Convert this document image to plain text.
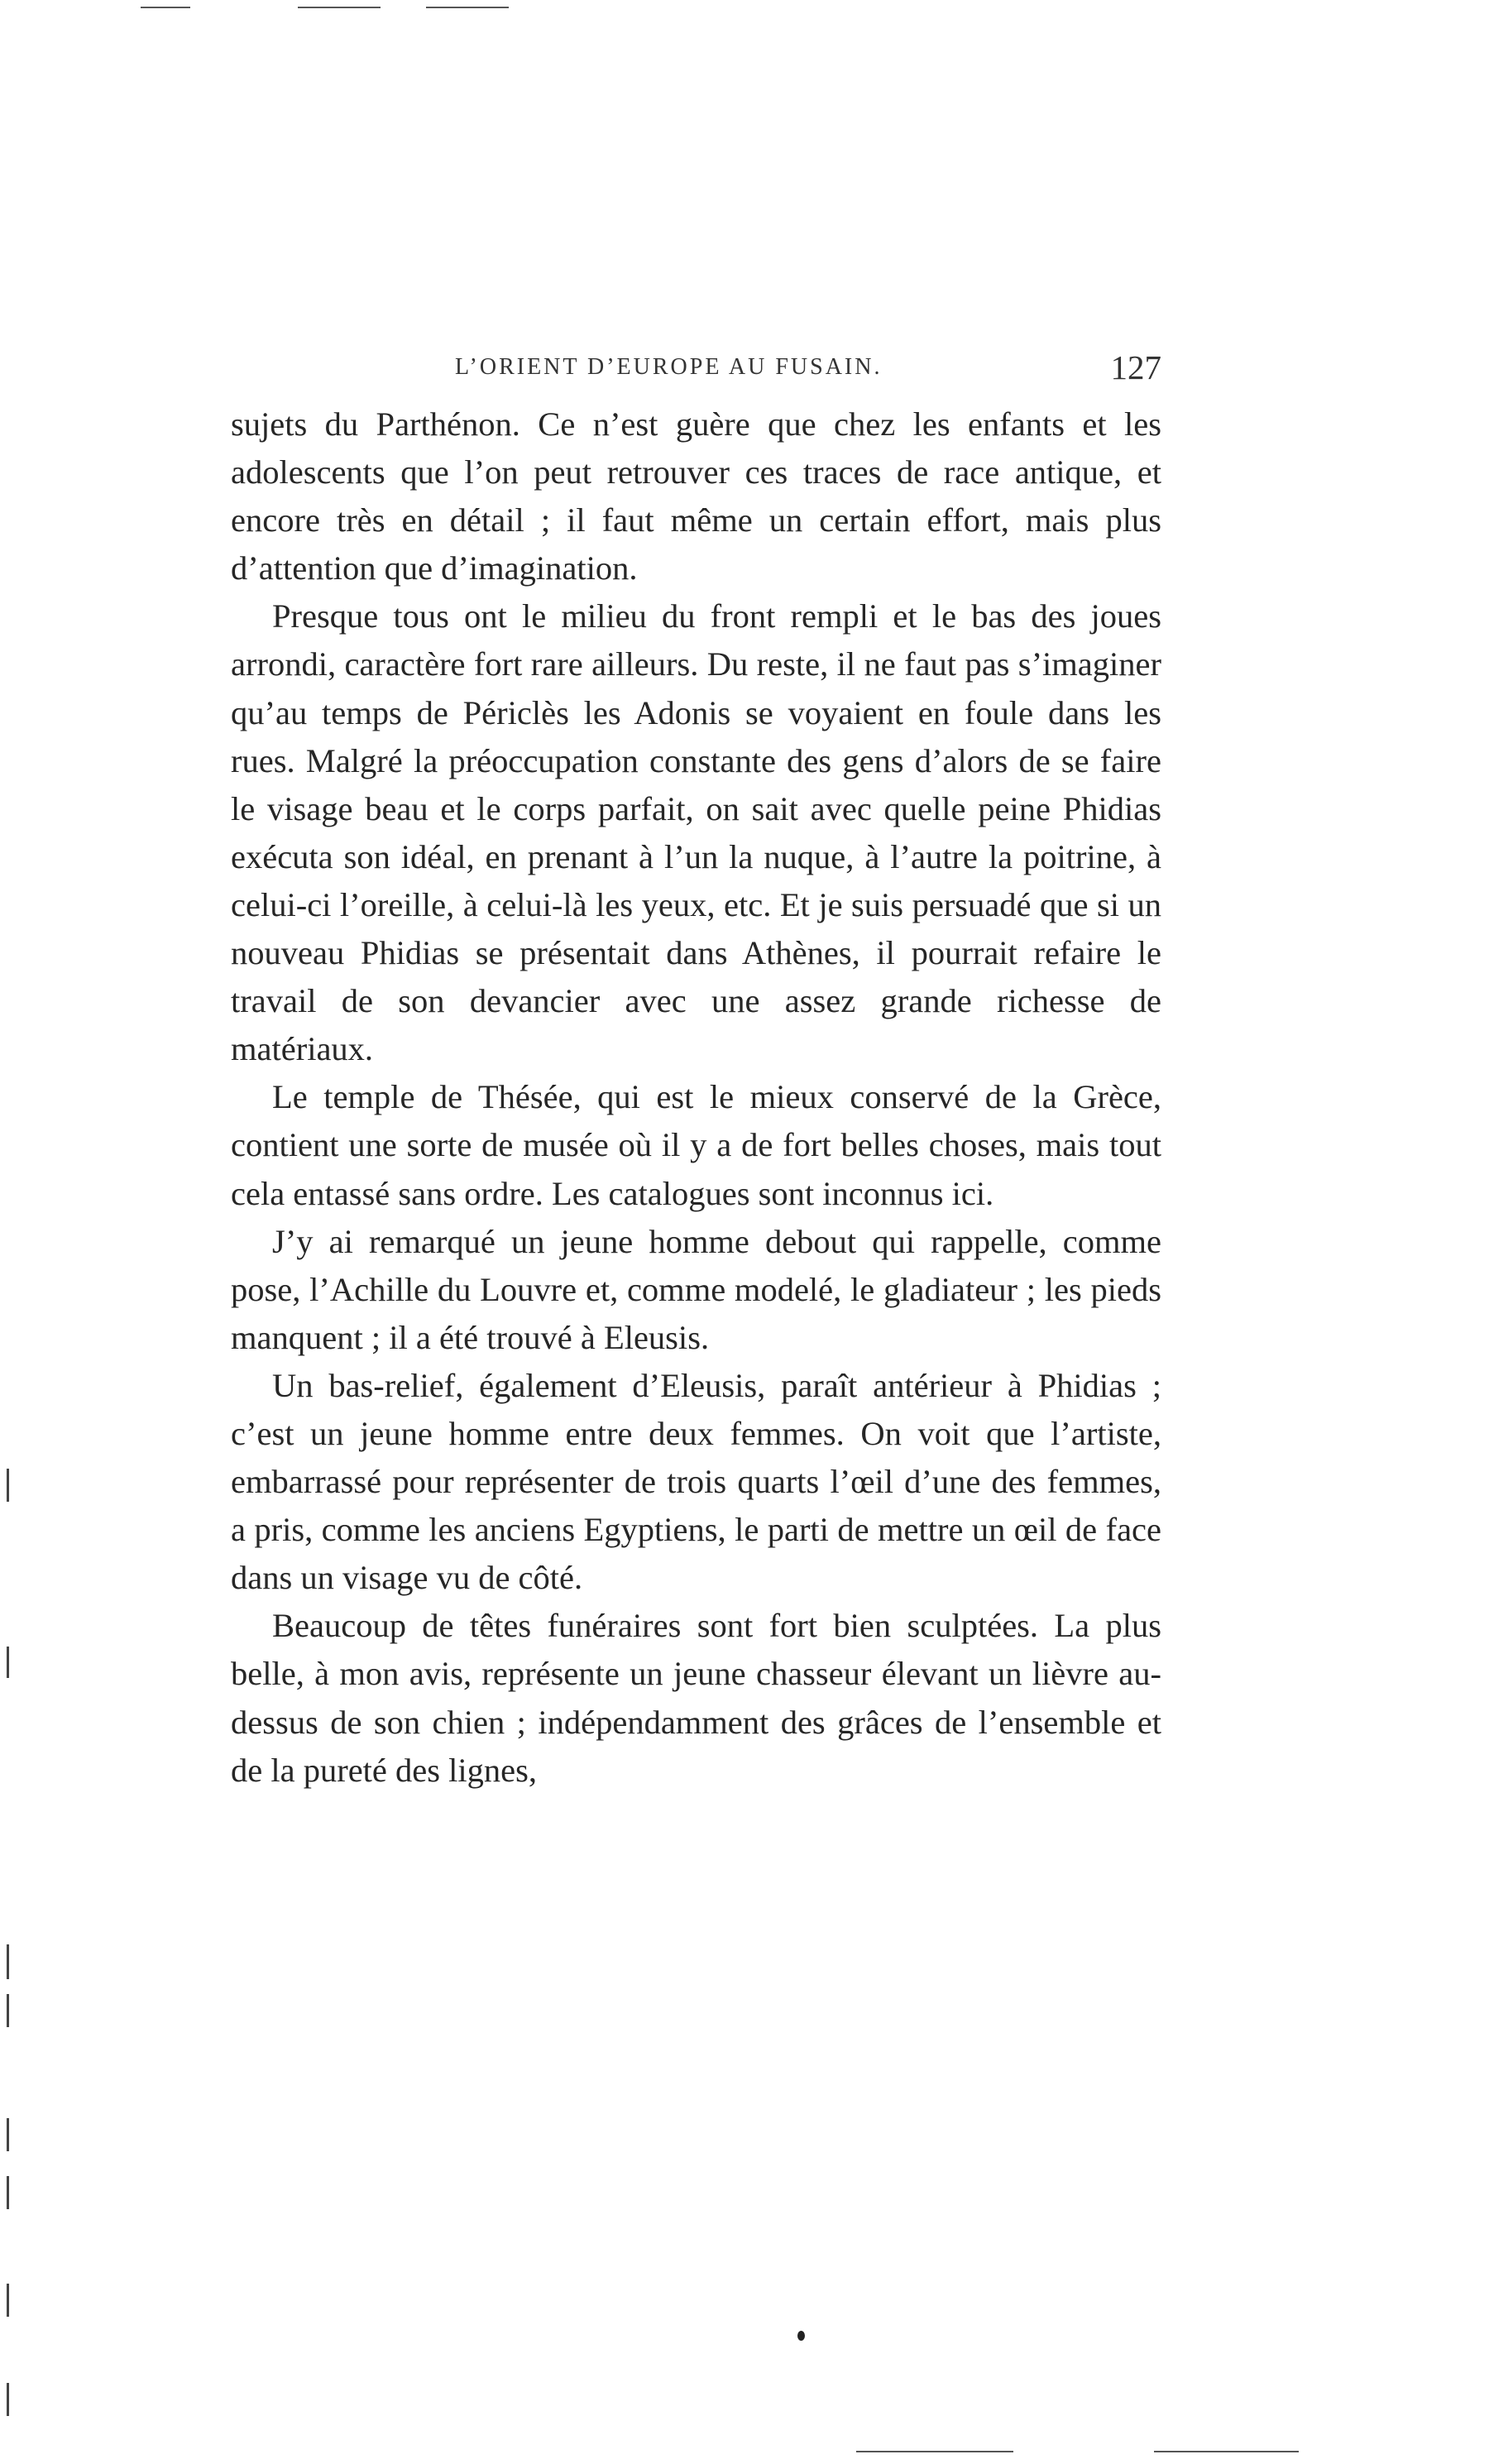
L’ORIENT D’EUROPE AU FUSAIN.	127

sujets du Parthénon. Ce n’est guère que chez les enfants et les adolescents que l’on peut retrouver ces traces de race antique, et encore très en détail ; il faut même un certain effort, mais plus d’attention que d’imagination.

Presque tous ont le milieu du front rempli et le bas des joues arrondi, caractère fort rare ailleurs. Du reste, il ne faut pas s’imaginer qu’au temps de Périclès les Adonis se voyaient en foule dans les rues. Malgré la préoccupation constante des gens d’alors de se faire le visage beau et le corps parfait, on sait avec quelle peine Phidias exécuta son idéal, en prenant à l’un la nuque, à l’autre la poitrine, à celui-ci l’oreille, à celui-là les yeux, etc. Et je suis persuadé que si un nouveau Phidias se présentait dans Athènes, il pourrait refaire le travail de son devancier avec une assez grande richesse de matériaux.

Le temple de Thésée, qui est le mieux conservé de la Grèce, contient une sorte de musée où il y a de fort belles choses, mais tout cela entassé sans ordre. Les catalogues sont inconnus ici.

J’y ai remarqué un jeune homme debout qui rappelle, comme pose, l’Achille du Louvre et, comme modelé, le gladiateur ; les pieds manquent ; il a été trouvé à Eleusis.

Un bas-relief, également d’Eleusis, paraît antérieur à Phidias ; c’est un jeune homme entre deux femmes. On voit que l’artiste, embarrassé pour représenter de trois quarts l’œil d’une des femmes, a pris, comme les anciens Egyptiens, le parti de mettre un œil de face dans un visage vu de côté.

Beaucoup de têtes funéraires sont fort bien sculptées. La plus belle, à mon avis, représente un jeune chasseur élevant un lièvre au-dessus de son chien ; indépendamment des grâces de l’ensemble et de la pureté des lignes,
